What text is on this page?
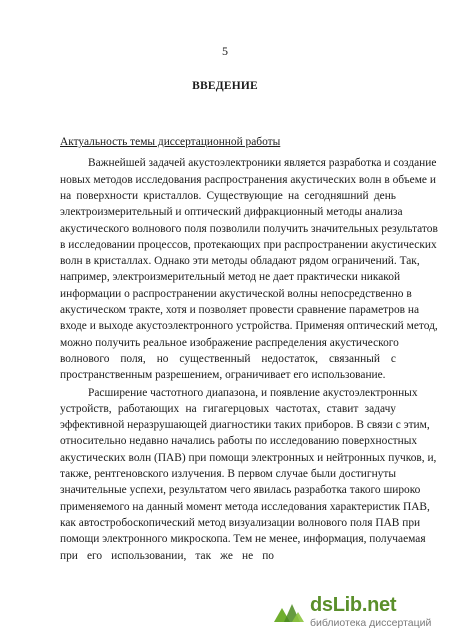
5
ВВЕДЕНИЕ
Актуальность темы диссертационной работы
Важнейшей задачей акустоэлектроники является разработка и создание
новых методов исследования распространения акустических волн в объеме и
на поверхности кристаллов. Существующие на сегодняшний день
электроизмерительный и оптический дифракционный методы анализа
акустического волнового поля позволили получить значительных результатов
в исследовании процессов, протекающих при распространении акустических
волн в кристаллах. Однако эти методы обладают рядом ограничений. Так,
например, электроизмерительный метод не дает практически никакой
информации о распространении акустической волны непосредственно в
акустическом тракте, хотя и позволяет провести сравнение параметров на
входе и выходе акустоэлектронного устройства. Применяя оптический метод,
можно получить реальное изображение распределения акустического
волнового поля, но существенный недостаток, связанный с
пространственным разрешением, ограничивает его использование.
Расширение частотного диапазона, и появление акустоэлектронных
устройств, работающих на гигагерцовых частотах, ставит задачу
эффективной неразрушающей диагностики таких приборов. В связи с этим,
относительно недавно начались работы по исследованию поверхностных
акустических волн (ПАВ) при помощи электронных и нейтронных пучков, и,
также, рентгеновского излучения. В первом случае были достигнуты
значительные успехи, результатом чего явилась разработка такого широко
применяемого на данный момент метода исследования характеристик ПАВ,
как автостробоскопический метод визуализации волнового поля ПАВ при
помощи электронного микроскопа. Тем не менее, информация, получаемая
при его использовании, так же не по
dsLib.net
библиотека диссертаций
